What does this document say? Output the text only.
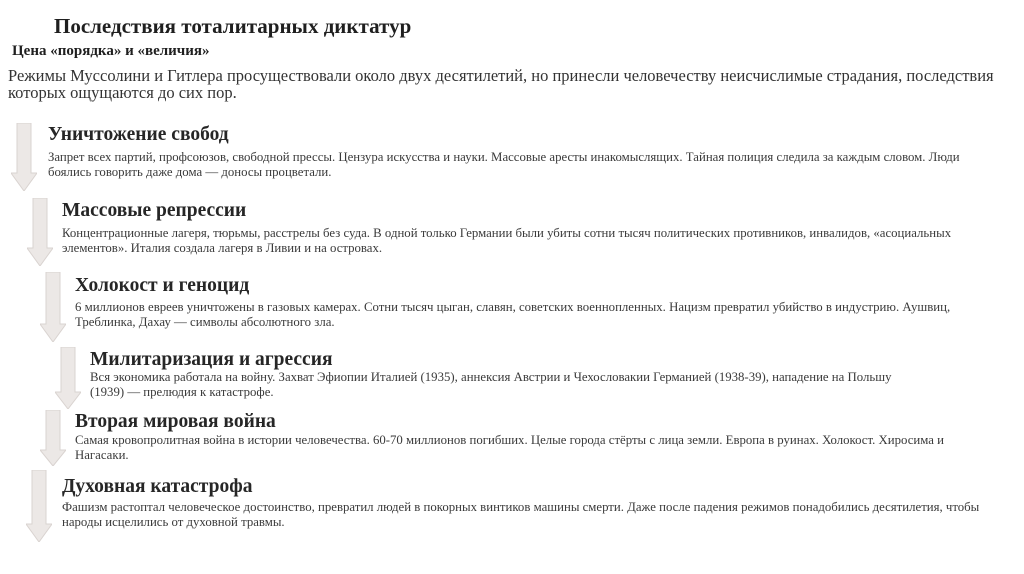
Последствия тоталитарных диктатур
Цена «порядка» и «величия»

Режимы Муссолини и Гитлера просуществовали около двух десятилетий, но принесли человечеству неисчислимые страдания, последствия которых ощущаются до сих пор.

Уничтожение свобод

Запрет всех партий, профсоюзов, свободной прессы. Цензура искусства и науки. Массовые аресты инакомыслящих. Тайная полиция следила за каждым словом. Люди боялись говорить даже дома — доносы процветали.

Массовые репрессии

Концентрационные лагеря, тюрьмы, расстрелы без суда. В одной только Германии были убиты сотни тысяч политических противников, инвалидов, «асоциальных элементов». Италия создала лагеря в Ливии и на островах.

Холокост и геноцид

6 миллионов евреев уничтожены в газовых камерах. Сотни тысяч цыган, славян, советских военнопленных. Нацизм превратил убийство в индустрию. Аушвиц, Треблинка, Дахау — символы абсолютного зла.

Милитаризация и агрессия

Вся экономика работала на войну. Захват Эфиопии Италией (1935), аннексия Австрии и Чехословакии Германией (1938-39), нападение на Польшу (1939) — прелюдия к катастрофе.

Вторая мировая война

Самая кровопролитная война в истории человечества. 60-70 миллионов погибших. Целые города стёрты с лица земли. Европа в руинах. Холокост. Хиросима и Нагасаки.

Духовная катастрофа

Фашизм растоптал человеческое достоинство, превратил людей в покорных винтиков машины смерти. Даже после падения режимов понадобились десятилетия, чтобы народы исцелились от духовной травмы.
